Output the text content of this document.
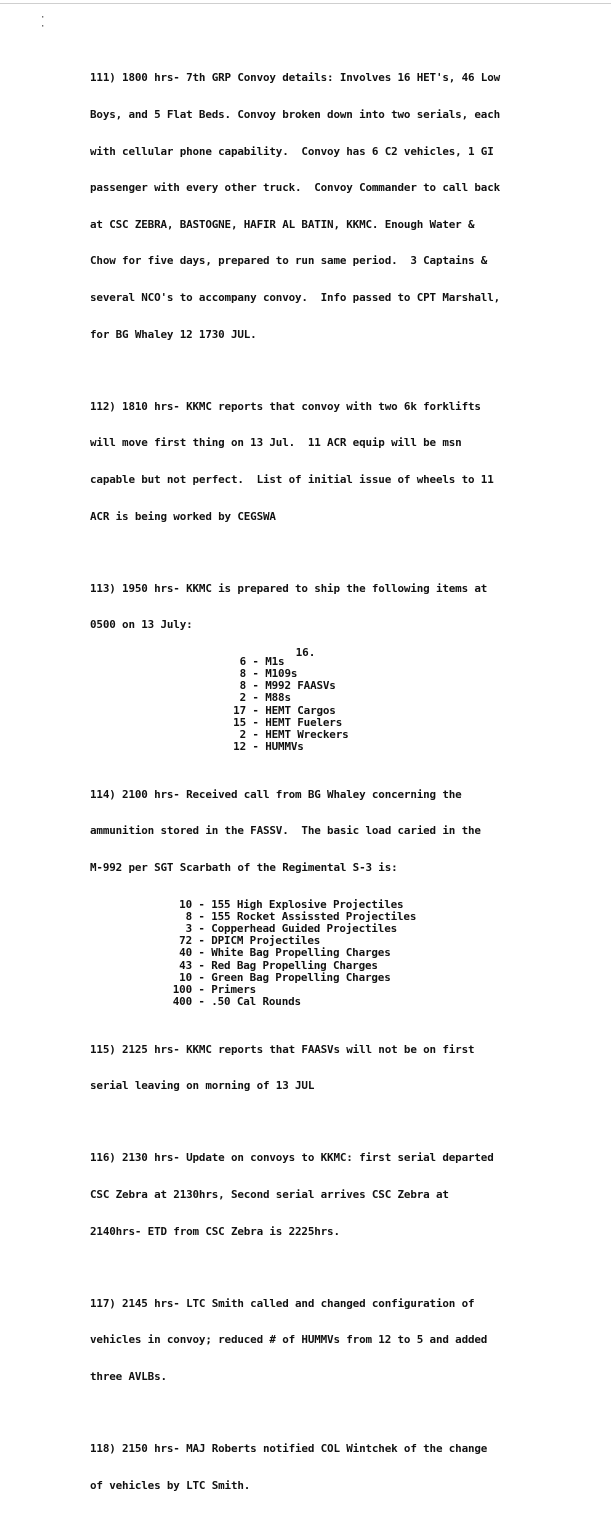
·
·

111) 1800 hrs- 7th GRP Convoy details: Involves 16 HET's, 46 Low

Boys, and 5 Flat Beds. Convoy broken down into two serials, each

with cellular phone capability.  Convoy has 6 C2 vehicles, 1 GI

passenger with every other truck.  Convoy Commander to call back

at CSC ZEBRA, BASTOGNE, HAFIR AL BATIN, KKMC. Enough Water &

Chow for five days, prepared to run same period.  3 Captains &

several NCO's to accompany convoy.  Info passed to CPT Marshall,

for BG Whaley 12 1730 JUL.

112) 1810 hrs- KKMC reports that convoy with two 6k forklifts

will move first thing on 13 Jul.  11 ACR equip will be msn

capable but not perfect.  List of initial issue of wheels to 11

ACR is being worked by CEGSWA

113) 1950 hrs- KKMC is prepared to ship the following items at

0500 on 13 July:

6 - M1s
8 - M109s
8 - M992 FAASVs
2 - M88s
17 - HEMT Cargos
15 - HEMT Fuelers
2 - HEMT Wreckers
12 - HUMMVs

114) 2100 hrs- Received call from BG Whaley concerning the

ammunition stored in the FASSV.  The basic load caried in the

M-992 per SGT Scarbath of the Regimental S-3 is:

10 - 155 High Explosive Projectiles
8 - 155 Rocket Assissted Projectiles
3 - Copperhead Guided Projectiles
72 - DPICM Projectiles
40 - White Bag Propelling Charges
43 - Red Bag Propelling Charges
10 - Green Bag Propelling Charges
100 - Primers
400 - .50 Cal Rounds

115) 2125 hrs- KKMC reports that FAASVs will not be on first

serial leaving on morning of 13 JUL

116) 2130 hrs- Update on convoys to KKMC: first serial departed

CSC Zebra at 2130hrs, Second serial arrives CSC Zebra at

2140hrs- ETD from CSC Zebra is 2225hrs.

117) 2145 hrs- LTC Smith called and changed configuration of

vehicles in convoy; reduced # of HUMMVs from 12 to 5 and added

three AVLBs.

118) 2150 hrs- MAJ Roberts notified COL Wintchek of the change

of vehicles by LTC Smith.

16.
